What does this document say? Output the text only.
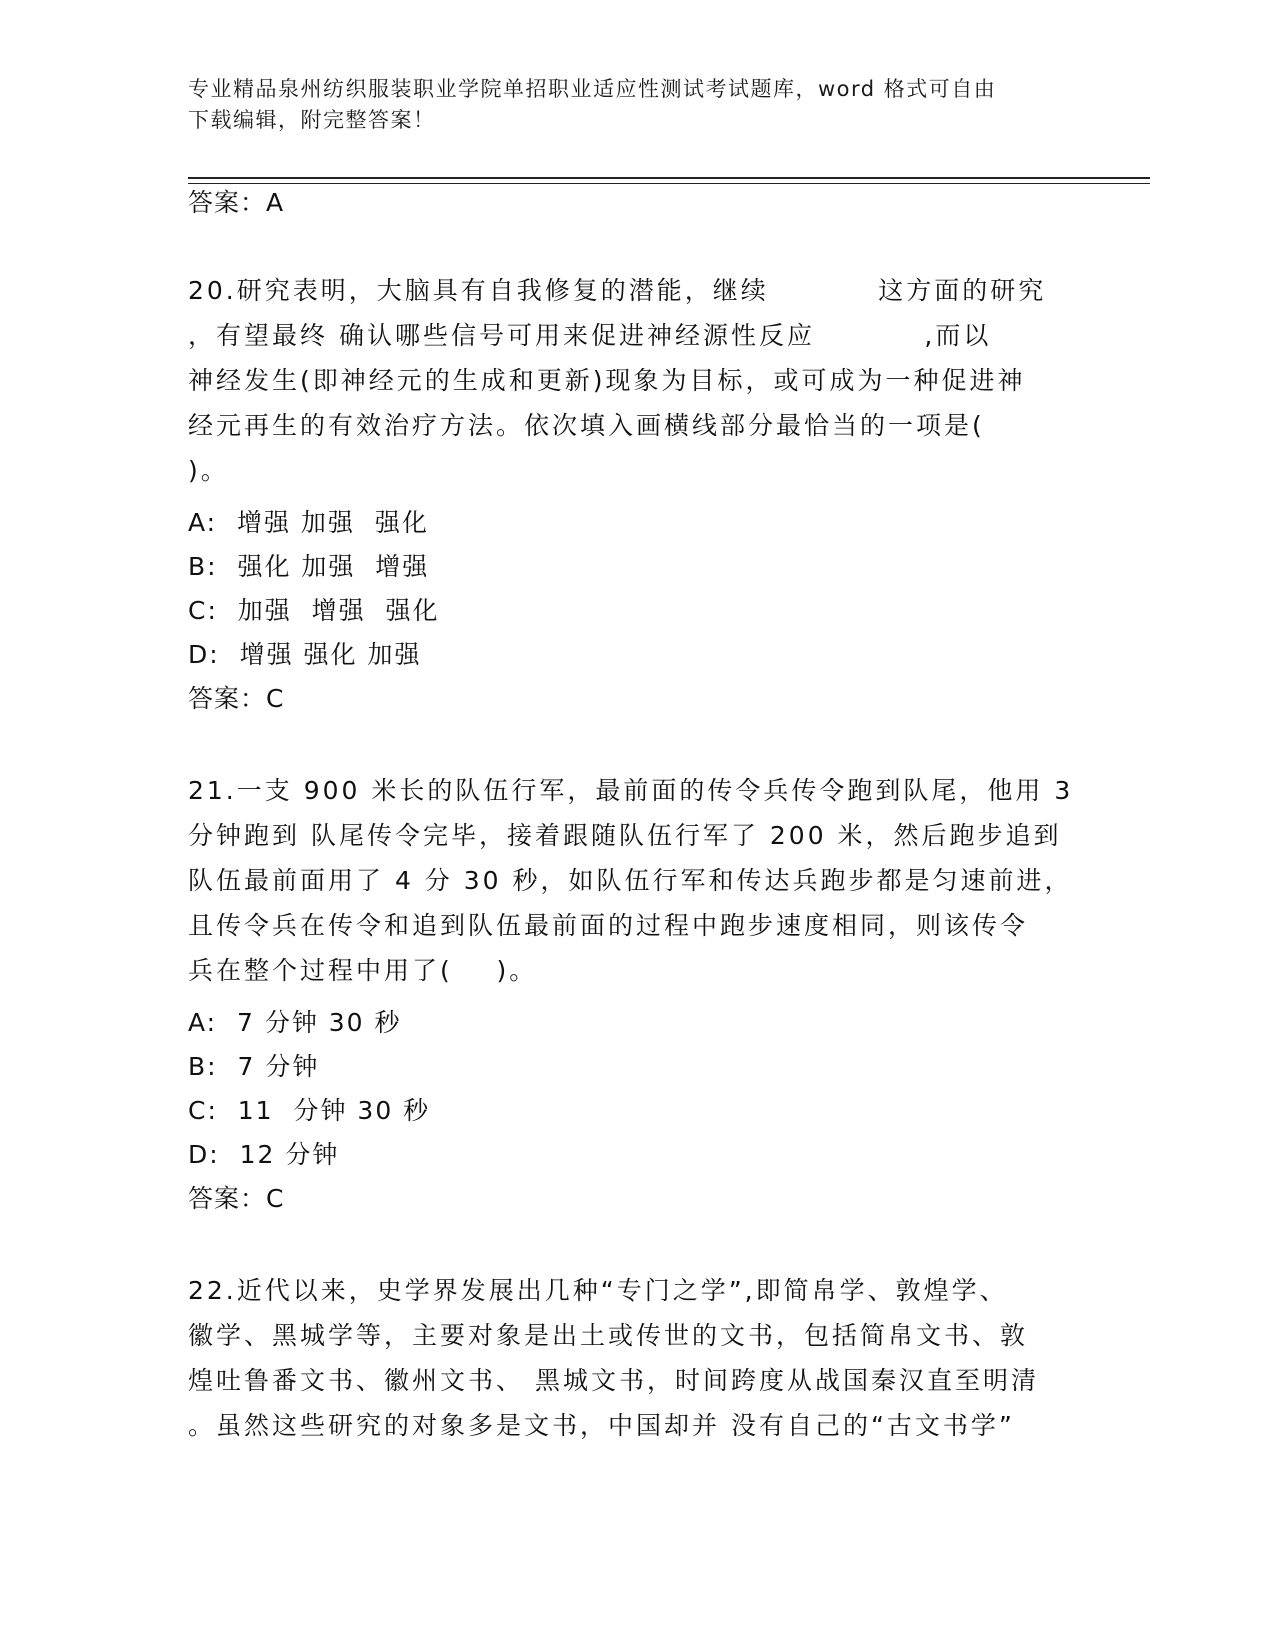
专业精品泉州纺织服装职业学院单招职业适应性测试考试题库，word 格式可自由
下载编辑，附完整答案！
答案：A
20.研究表明，大脑具有自我修复的潜能，继续          这方面的研究
，有望最终 确认哪些信号可用来促进神经源性反应          ,而以
神经发生(即神经元的生成和更新)现象为目标，或可成为一种促进神
经元再生的有效治疗方法。依次填入画横线部分最恰当的一项是(
)。
A:  增强 加强  强化
B:  强化 加强  增强
C:  加强  增强  强化
D:  增强 强化 加强
答案：C
21.一支 900 米长的队伍行军，最前面的传令兵传令跑到队尾，他用 3
分钟跑到 队尾传令完毕，接着跟随队伍行军了 200 米，然后跑步追到
队伍最前面用了 4 分 30 秒，如队伍行军和传达兵跑步都是匀速前进，
且传令兵在传令和追到队伍最前面的过程中跑步速度相同，则该传令
兵在整个过程中用了(    )。
A:  7 分钟 30 秒
B:  7 分钟
C:  11  分钟 30 秒
D:  12 分钟
答案：C
22.近代以来，史学界发展出几种“专门之学”,即简帛学、敦煌学、
徽学、黑城学等，主要对象是出土或传世的文书，包括简帛文书、敦
煌吐鲁番文书、徽州文书、 黑城文书，时间跨度从战国秦汉直至明清
。虽然这些研究的对象多是文书，中国却并 没有自己的“古文书学”
